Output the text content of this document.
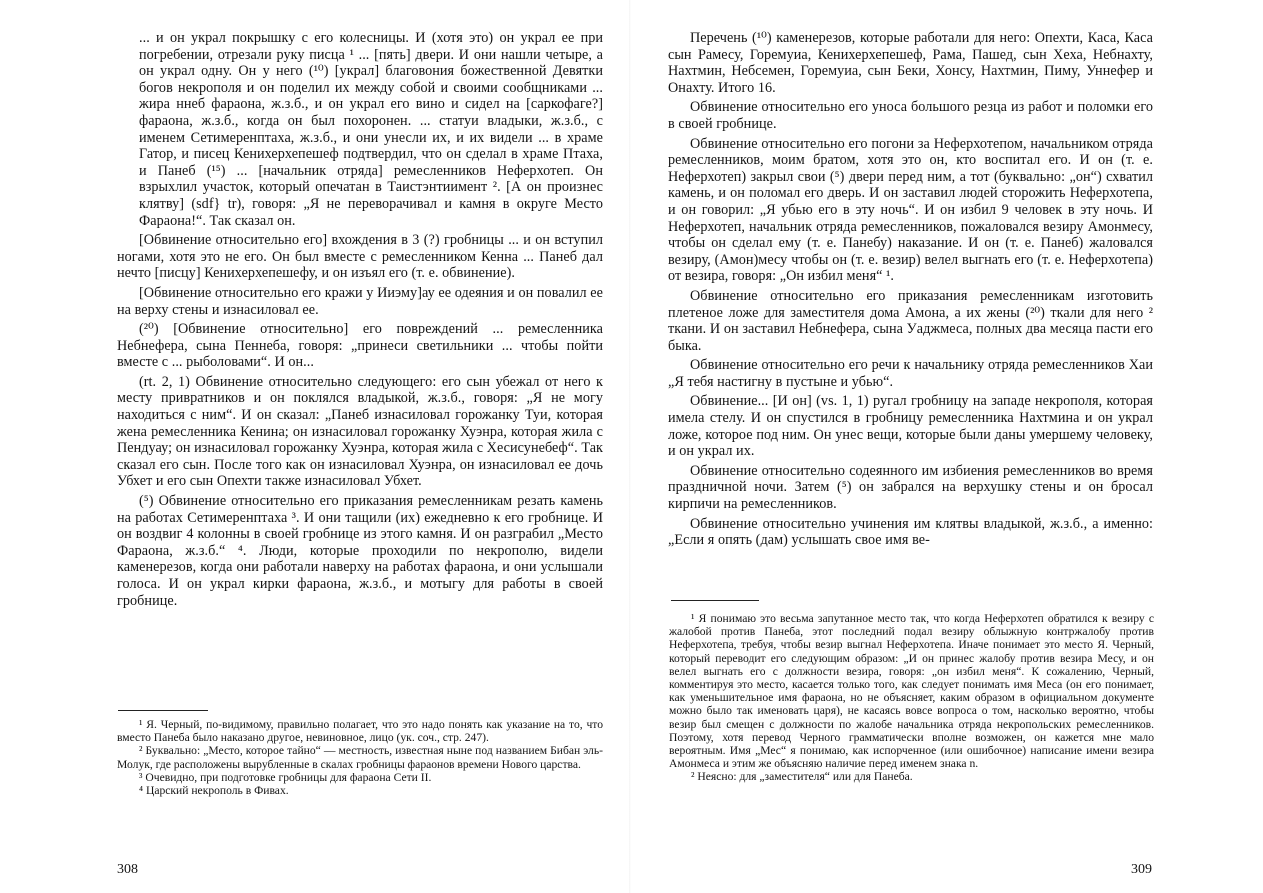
... и он украл покрышку с его колесницы. И (хотя это) он украл ее при погребении, отрезали руку писца ¹ ... [пять] двери. И они нашли четыре, а он украл одну. Он у него (¹⁰) [украл] благовония божественной Девятки богов некрополя и он поделил их между собой и своими сообщниками ... жира ннеб фараона, ж.з.б., и он украл его вино и сидел на [саркофаге?] фараона, ж.з.б., когда он был похоронен. ... статуи владыки, ж.з.б., с именем Сетимеренптаха, ж.з.б., и они унесли их, и их видели ... в храме Гатор, и писец Кенихерхепешеф подтвердил, что он сделал в храме Птаха, и Панеб (¹⁵) ... [начальник отряда] ремесленников Неферхотеп. Он взрыхлил участок, который опечатан в Таистэнтиимент ². [А он произнес клятву] (sdf} tr), говоря: „Я не переворачивал и камня в округе Место Фараона!“. Так сказал он.

[Обвинение относительно его] вхождения в 3 (?) гробницы ... и он вступил ногами, хотя это не его. Он был вместе с ремесленником Кенна ... Панеб дал нечто [писцу] Кенихерхепешефу, и он изъял его (т. е. обвинение).

[Обвинение относительно его кражи у Ииэму]ау ее одеяния и он повалил ее на верху стены и изнасиловал ее.

(²⁰) [Обвинение относительно] его повреждений ... ремесленника Небнефера, сына Пеннеба, говоря: „принеси светильники ... чтобы пойти вместе с ... рыболовами“. И он...

(rt. 2, 1) Обвинение относительно следующего: его сын убежал от него к месту привратников и он поклялся владыкой, ж.з.б., говоря: „Я не могу находиться с ним“. И он сказал: „Панеб изнасиловал горожанку Туи, которая жена ремесленника Кенина; он изнасиловал горожанку Хуэнра, которая жила с Пендуау; он изнасиловал горожанку Хуэнра, которая жила с Хесисунебеф“. Так сказал его сын. После того как он изнасиловал Хуэнра, он изнасиловал ее дочь Убхет и его сын Опехти также изнасиловал Убхет.

(⁵) Обвинение относительно его приказания ремесленникам резать камень на работах Сетимеренптаха ³. И они тащили (их) ежедневно к его гробнице. И он воздвиг 4 колонны в своей гробнице из этого камня. И он разграбил „Место Фараона, ж.з.б.“ ⁴. Люди, которые проходили по некрополю, видели каменерезов, когда они работали наверху на работах фараона, и они услышали голоса. И он украл кирки фараона, ж.з.б., и мотыгу для работы в своей гробнице.

¹ Я. Черный, по-видимому, правильно полагает, что это надо понять как указание на то, что вместо Панеба было наказано другое, невиновное, лицо (ук. соч., стр. 247).

² Буквально: „Место, которое тайно“ — местность, известная ныне под названием Бибан эль-Молук, где расположены вырубленные в скалах гробницы фараонов времени Нового царства.

³ Очевидно, при подготовке гробницы для фараона Сети II.

⁴ Царский некрополь в Фивах.

308

Перечень (¹⁰) каменерезов, которые работали для него: Опехти, Каса, Каса сын Рамесу, Горемуиа, Кенихерхепешеф, Рама, Пашед, сын Хеха, Небнахту, Нахтмин, Небсемен, Горемуиа, сын Беки, Хонсу, Нахтмин, Пиму, Уннефер и Онахту. Итого 16.

Обвинение относительно его уноса большого резца из работ и поломки его в своей гробнице.

Обвинение относительно его погони за Неферхотепом, начальником отряда ремесленников, моим братом, хотя это он, кто воспитал его. И он (т. е. Неферхотеп) закрыл свои (⁵) двери перед ним, а тот (буквально: „он“) схватил камень, и он поломал его дверь. И он заставил людей сторожить Неферхотепа, и он говорил: „Я убью его в эту ночь“. И он избил 9 человек в эту ночь. И Неферхотеп, начальник отряда ремесленников, пожаловался везиру Амонмесу, чтобы он сделал ему (т. е. Панебу) наказание. И он (т. е. Панеб) жаловался везиру, (Амон)месу чтобы он (т. е. везир) велел выгнать его (т. е. Неферхотепа) от везира, говоря: „Он избил меня“ ¹.

Обвинение относительно его приказания ремесленникам изготовить плетеное ложе для заместителя дома Амона, а их жены (²⁰) ткали для него ² ткани. И он заставил Небнефера, сына Уаджмеса, полных два месяца пасти его быка.

Обвинение относительно его речи к начальнику отряда ремесленников Хаи „Я тебя настигну в пустыне и убью“.

Обвинение... [И он] (vs. 1, 1) ругал гробницу на западе некрополя, которая имела стелу. И он спустился в гробницу ремесленника Нахтмина и он украл ложе, которое под ним. Он унес вещи, которые были даны умершему человеку, и он украл их.

Обвинение относительно содеянного им избиения ремесленников во время праздничной ночи. Затем (⁵) он забрался на верхушку стены и он бросал кирпичи на ремесленников.

Обвинение относительно учинения им клятвы владыкой, ж.з.б., а именно: „Если я опять (дам) услышать свое имя ве-

¹ Я понимаю это весьма запутанное место так, что когда Неферхотеп обратился к везиру с жалобой против Панеба, этот последний подал везиру облыжную контржалобу против Неферхотепа, требуя, чтобы везир выгнал Неферхотепа. Иначе понимает это место Я. Черный, который переводит его следующим образом: „И он принес жалобу против везира Месу, и он велел выгнать его с должности везира, говоря: „он избил меня“. К сожалению, Черный, комментируя это место, касается только того, как следует понимать имя Меса (он его понимает, как уменьшительное имя фараона, но не объясняет, каким образом в официальном документе можно было так именовать царя), не касаясь вовсе вопроса о том, насколько вероятно, чтобы везир был смещен с должности по жалобе начальника отряда некропольских ремесленников. Поэтому, хотя перевод Черного грамматически вполне возможен, он кажется мне мало вероятным. Имя „Мес“ я понимаю, как испорченное (или ошибочное) написание имени везира Амонмеса и этим же объясняю наличие перед именем знака n.

² Неясно: для „заместителя“ или для Панеба.

309
